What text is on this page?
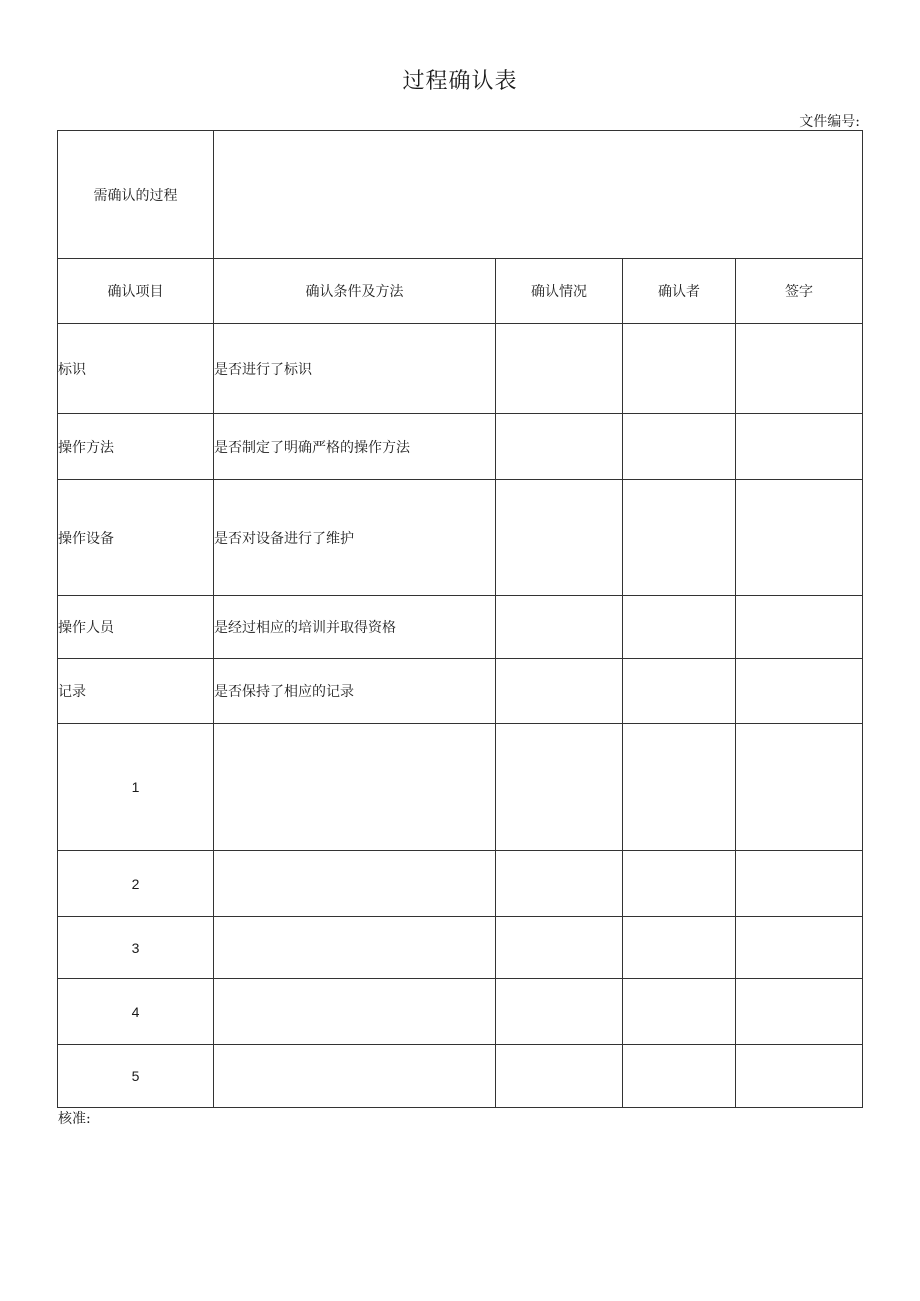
过程确认表
文件编号:
需确认的过程				
确认项目	确认条件及方法	确认情况	确认者	签字
标识	是否进行了标识			
操作方法	是否制定了明确严格的操作方法			
操作设备	是否对设备进行了维护			
操作人员	是经过相应的培训并取得资格			
记录	是否保持了相应的记录			
1				
2				
3				
4				
5				
核准:
